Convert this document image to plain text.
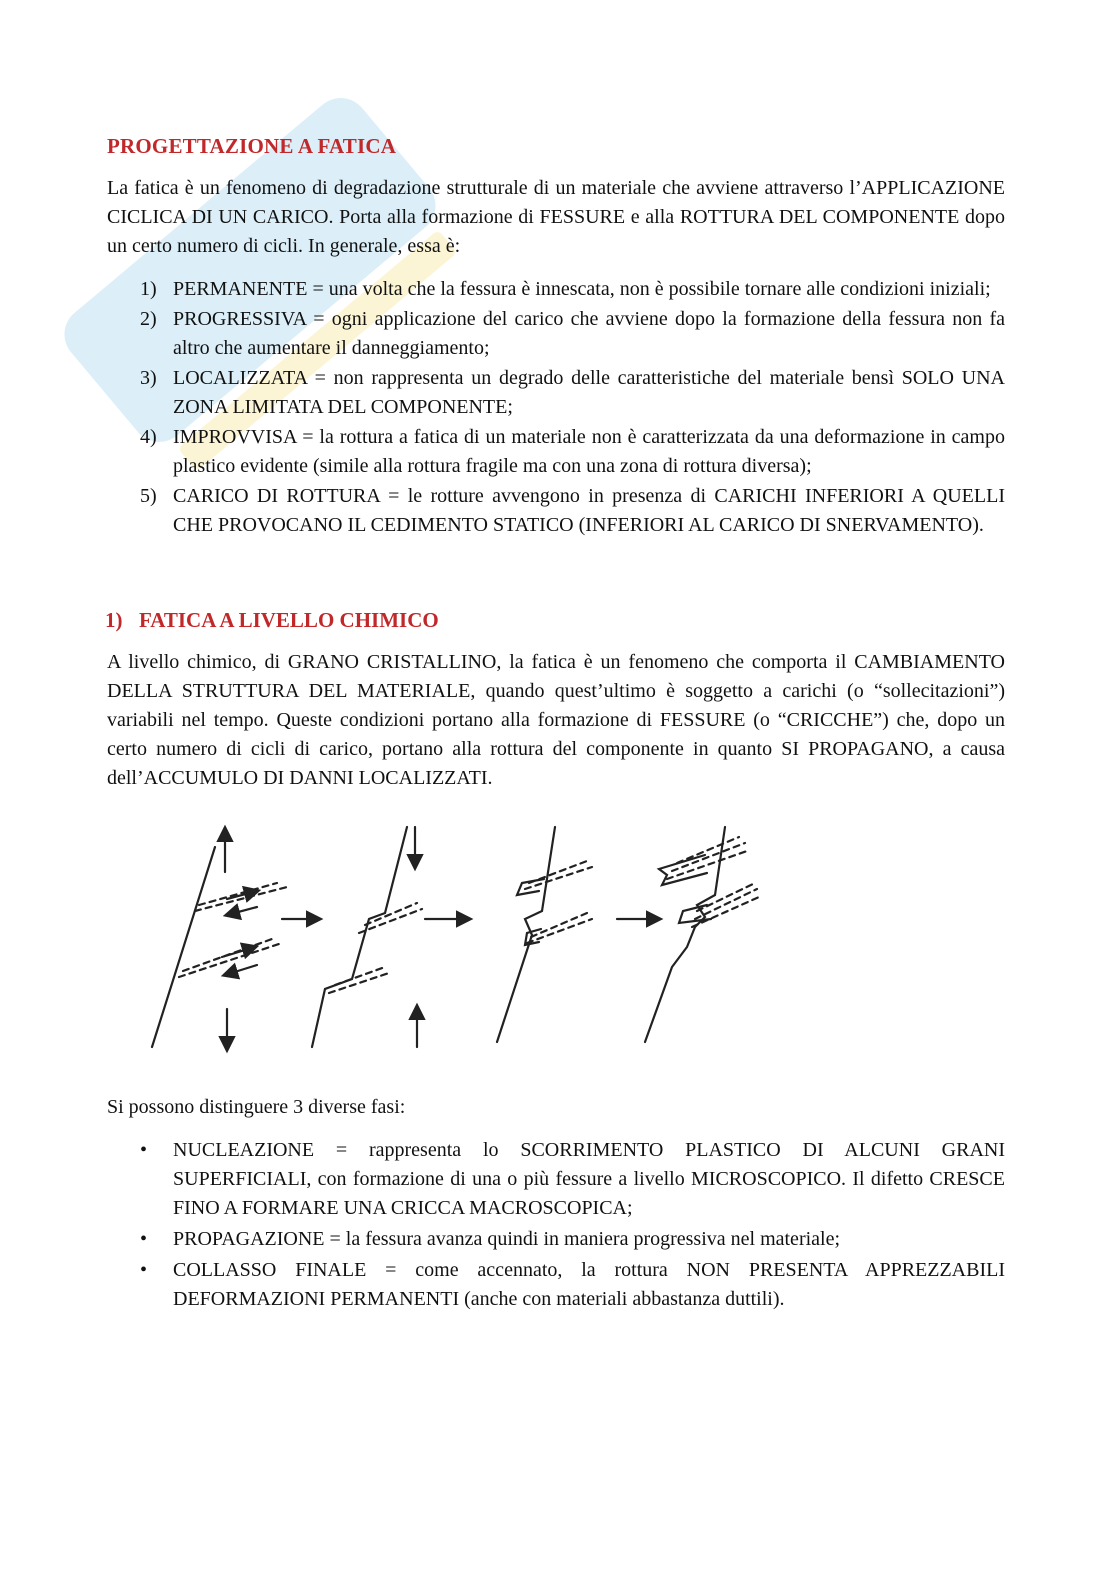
PROGETTAZIONE A FATICA

La fatica è un fenomeno di degradazione strutturale di un materiale che avviene attraverso l’APPLICAZIONE CICLICA DI UN CARICO. Porta alla formazione di FESSURE e alla ROTTURA DEL COMPONENTE dopo un certo numero di cicli. In generale, essa è:

1) PERMANENTE = una volta che la fessura è innescata, non è possibile tornare alle condizioni iniziali;
2) PROGRESSIVA = ogni applicazione del carico che avviene dopo la formazione della fessura non fa altro che aumentare il danneggiamento;
3) LOCALIZZATA = non rappresenta un degrado delle caratteristiche del materiale bensì SOLO UNA ZONA LIMITATA DEL COMPONENTE;
4) IMPROVVISA = la rottura a fatica di un materiale non è caratterizzata da una deformazione in campo plastico evidente (simile alla rottura fragile ma con una zona di rottura diversa);
5) CARICO DI ROTTURA = le rotture avvengono in presenza di CARICHI INFERIORI A QUELLI CHE PROVOCANO IL CEDIMENTO STATICO (INFERIORI AL CARICO DI SNERVAMENTO).
1) FATICA A LIVELLO CHIMICO

A livello chimico, di GRANO CRISTALLINO, la fatica è un fenomeno che comporta il CAMBIAMENTO DELLA STRUTTURA DEL MATERIALE, quando quest’ultimo è soggetto a carichi (o “sollecitazioni”) variabili nel tempo. Queste condizioni portano alla formazione di FESSURE (o “CRICCHE”) che, dopo un certo numero di cicli di carico, portano alla rottura del componente in quanto SI PROPAGANO, a causa dell’ACCUMULO DI DANNI LOCALIZZATI.

Si possono distinguere 3 diverse fasi:

• NUCLEAZIONE = rappresenta lo SCORRIMENTO PLASTICO DI ALCUNI GRANI SUPERFICIALI, con formazione di una o più fessure a livello MICROSCOPICO. Il difetto CRESCE FINO A FORMARE UNA CRICCA MACROSCOPICA;
• PROPAGAZIONE = la fessura avanza quindi in maniera progressiva nel materiale;
• COLLASSO FINALE = come accennato, la rottura NON PRESENTA APPREZZABILI DEFORMAZIONI PERMANENTI (anche con materiali abbastanza duttili).
